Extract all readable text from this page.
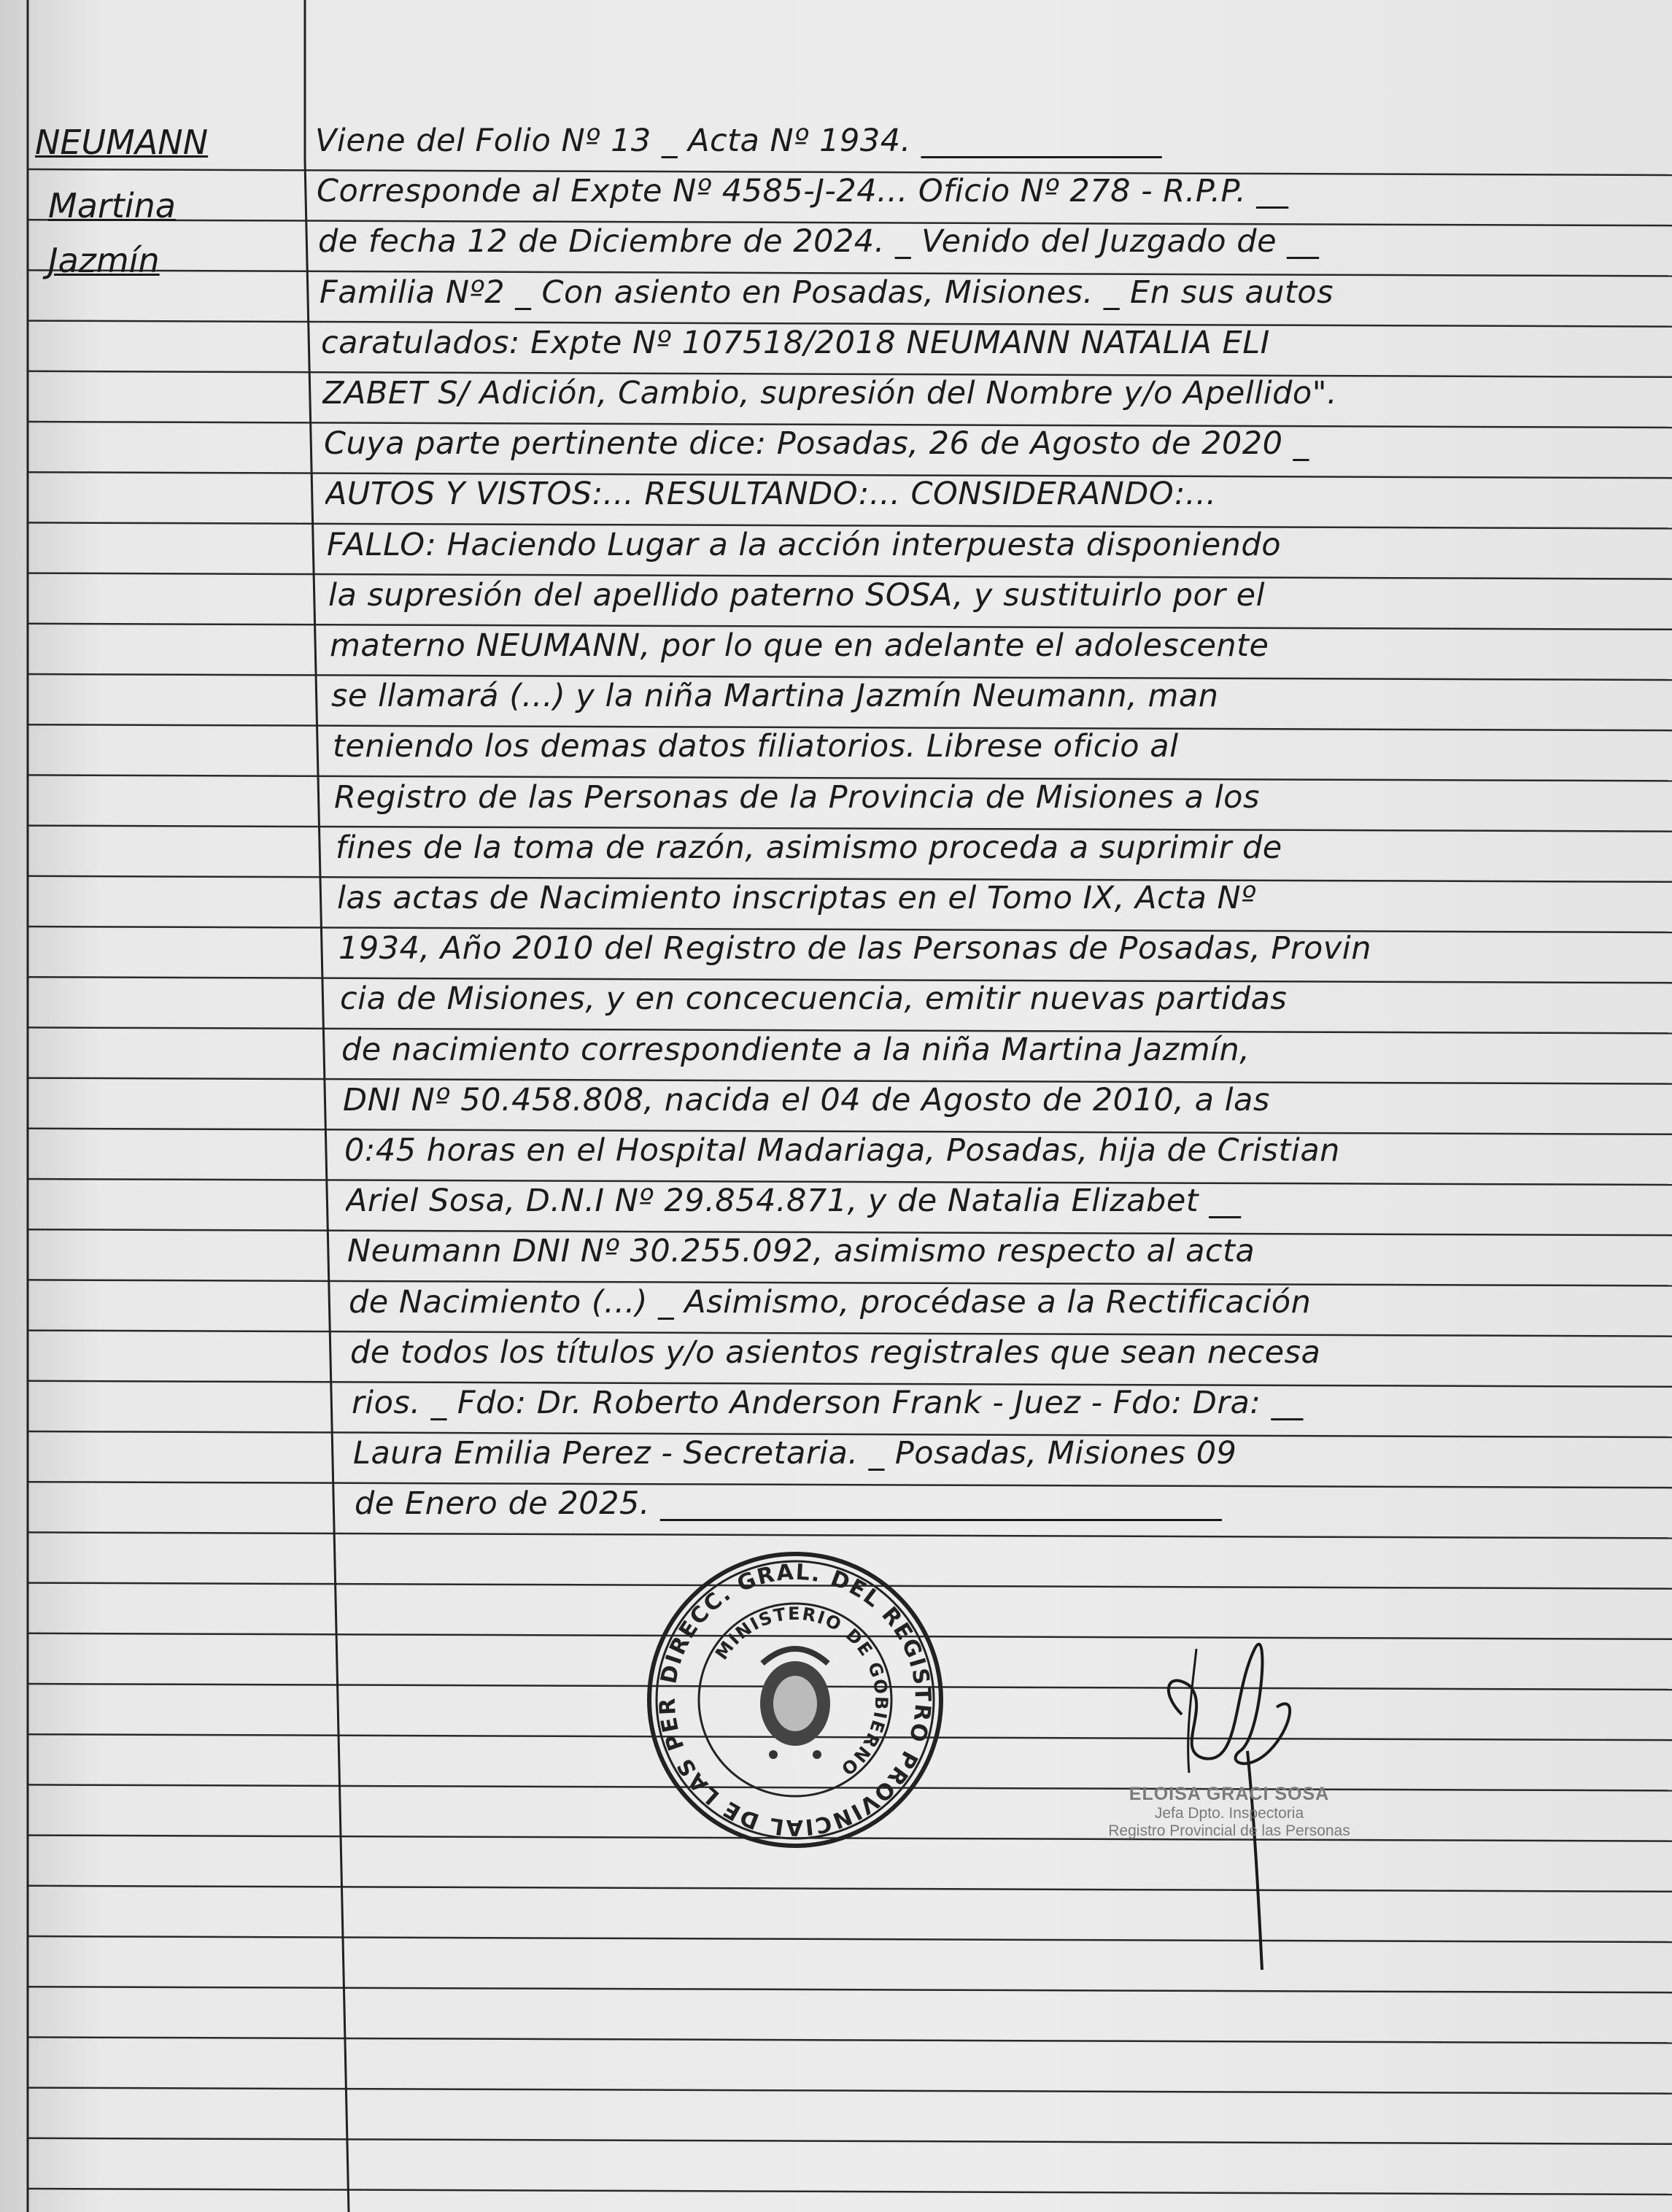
NEUMANN
Martina
Jazmín
Viene del Folio Nº 13 _ Acta Nº 1934. _______________
Corresponde al Expte Nº 4585-J-24... Oficio Nº 278 - R.P.P. __
de fecha 12 de Diciembre de 2024. _ Venido del Juzgado de __
Familia Nº2 _ Con asiento en Posadas, Misiones. _ En sus autos
caratulados: Expte Nº 107518/2018 NEUMANN NATALIA ELI
ZABET S/ Adición, Cambio, supresión del Nombre y/o Apellido".
Cuya parte pertinente dice: Posadas, 26 de Agosto de 2020 _
AUTOS Y VISTOS:... RESULTANDO:... CONSIDERANDO:...
FALLO: Haciendo Lugar a la acción interpuesta disponiendo
la supresión del apellido paterno SOSA, y sustituirlo por el
materno NEUMANN, por lo que en adelante el adolescente
se llamará (...) y la niña Martina Jazmín Neumann, man
teniendo los demas datos filiatorios. Librese oficio al
Registro de las Personas de la Provincia de Misiones a los
fines de la toma de razón, asimismo proceda a suprimir de
las actas de Nacimiento inscriptas en el Tomo IX, Acta Nº
1934, Año 2010 del Registro de las Personas de Posadas, Provin
cia de Misiones, y en concecuencia, emitir nuevas partidas
de nacimiento correspondiente a la niña Martina Jazmín,
DNI Nº 50.458.808, nacida el 04 de Agosto de 2010, a las
0:45 horas en el Hospital Madariaga, Posadas, hija de Cristian
Ariel Sosa, D.N.I Nº 29.854.871, y de Natalia Elizabet __
Neumann DNI Nº 30.255.092, asimismo respecto al acta
de Nacimiento (...) _ Asimismo, procédase a la Rectificación
de todos los títulos y/o asientos registrales que sean necesa
rios. _ Fdo: Dr. Roberto Anderson Frank - Juez - Fdo: Dra: __
Laura Emilia Perez - Secretaria. _ Posadas, Misiones 09
de Enero de 2025. ___________________________________
DIRECC. GRAL. DEL REGISTRO PROVINCIAL DE LAS PER
MINISTERIO DE GOBIERNO
ELOISA GRACI SOSA
Jefa Dpto. Inspectoria
Registro Provincial de las Personas
